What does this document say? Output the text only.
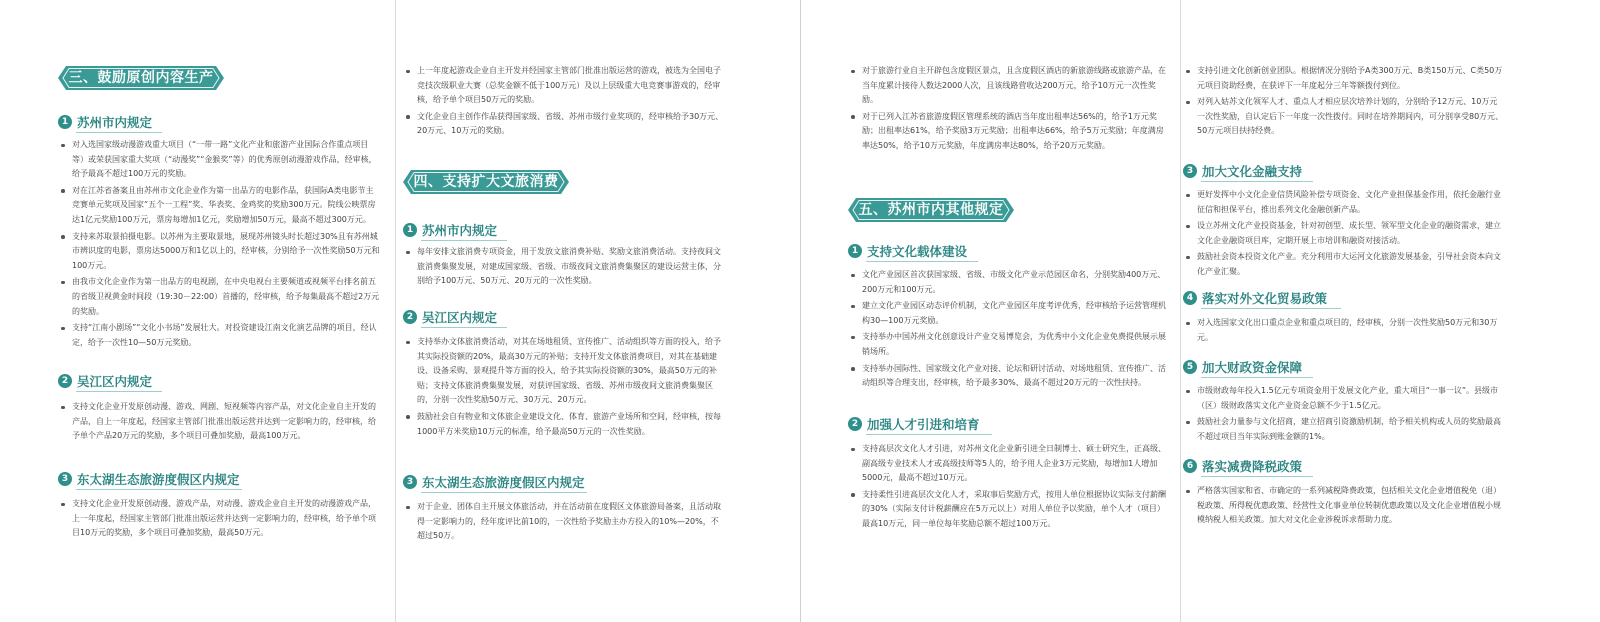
三、鼓励原创内容生产
1 苏州市内规定
对入选国家级动漫游戏重大项目（“一带一路”文化产业和旅游产业国际合作重点项目等）或荣获国家重大奖项（“动漫奖”“金猴奖”等）的优秀原创动漫游戏作品，经审核，给予最高不超过100万元的奖励。
对在江苏省备案且由苏州市文化企业作为第一出品方的电影作品，获国际A类电影节主竞赛单元奖项及国家“五个一工程”奖、华表奖、金鸡奖的奖励300万元。院线公映票房达1亿元奖励100万元，票房每增加1亿元，奖励增加50万元，最高不超过300万元。
支持来苏取景拍摄电影。以苏州为主要取景地，展现苏州镜头时长超过30%且有苏州城市辨识度的电影，票房达5000万和1亿以上的，经审核，分别给予一次性奖励50万元和100万元。
由我市文化企业作为第一出品方的电视剧，在中央电视台主要频道或视频平台排名前五的省级卫视黄金时间段（19:30－22:00）首播的，经审核，给予每集最高不超过2万元的奖励。
支持“江南小剧场”“文化小书场”发展壮大。对投资建设江南文化演艺品牌的项目，经认定，给予一次性10—50万元奖励。
2 吴江区内规定
支持文化企业开发原创动漫、游戏、网剧、短视频等内容产品，对文化企业自主开发的产品，自上一年度起，经国家主管部门批准出版运营并达到一定影响力的，经审核，给予单个产品20万元的奖励，多个项目可叠加奖励，最高100万元。
3 东太湖生态旅游度假区内规定
支持文化企业开发原创动漫、游戏产品，对动漫、游戏企业自主开发的动漫游戏产品，上一年度起，经国家主管部门批准出版运营并达到一定影响力的，经审核，给予单个项目10万元的奖励，多个项目可叠加奖励，最高50万元。
上一年度起游戏企业自主开发并经国家主管部门批准出版运营的游戏，被选为全国电子竞技次级职业大赛（总奖金额不低于100万元）及以上层级重大电竞赛事游戏的，经审核，给予单个项目50万元的奖励。
文化企业自主创作作品获得国家级、省级、苏州市级行业奖项的，经审核给予30万元、20万元、10万元的奖励。
四、支持扩大文旅消费
1 苏州市内规定
每年安排文旅消费专项资金，用于发放文旅消费补贴、奖励文旅消费活动。支持夜间文旅消费集聚发展，对建成国家级、省级、市级夜间文旅消费集聚区的建设运营主体，分别给予100万元、50万元、20万元的一次性奖励。
2 吴江区内规定
支持举办文体旅消费活动，对其在场地租赁、宣传推广、活动组织等方面的投入，给予其实际投资额的20%，最高30万元的补贴；支持开发文体旅消费项目，对其在基础建设、设备采购、景观提升等方面的投入，给予其实际投资额的30%，最高50万元的补贴；支持文体旅消费集聚发展，对获评国家级、省级、苏州市级夜间文旅消费集聚区的，分别一次性奖励50万元、30万元、20万元。
鼓励社会自有物业和文体旅企业建设文化、体育、旅游产业场所和空间，经审核，按每1000平方米奖励10万元的标准，给予最高50万元的一次性奖励。
3 东太湖生态旅游度假区内规定
对于企业、团体自主开展文体旅活动，并在活动前在度假区文体旅游局备案，且活动取得一定影响力的，经年度评比前10的，一次性给予奖励主办方投入的10%—20%，不超过50万。
对于旅游行业自主开辟包含度假区景点，且含度假区酒店的新旅游线路或旅游产品，在当年度累计接待人数达2000人次，且该线路营收达200万元，给予10万元一次性奖励。
对于已列入江苏省旅游度假区管理系统的酒店当年度出租率达56%的，给予1万元奖励；出租率达61%，给予奖励3万元奖励；出租率达66%，给予5万元奖励；年度满房率达50%，给予10万元奖励，年度满房率达80%，给予20万元奖励。
五、苏州市内其他规定
1 支持文化载体建设
文化产业园区首次获国家级、省级、市级文化产业示范园区命名，分别奖励400万元、200万元和100万元。
建立文化产业园区动态评价机制，文化产业园区年度考评优秀，经审核给予运营管理机构30—100万元奖励。
支持举办中国苏州文化创意设计产业交易博览会，为优秀中小文化企业免费提供展示展销场所。
支持举办国际性、国家级文化产业对接、论坛和研讨活动、对场地租赁、宣传推广、活动组织等合理支出，经审核，给予最多30%、最高不超过20万元的一次性扶持。
2 加强人才引进和培育
支持高层次文化人才引进，对苏州文化企业新引进全日制博士、硕士研究生，正高级、副高级专业技术人才或高级技师等5人的，给予用人企业3万元奖励，每增加1人增加5000元，最高不超过10万元。
支持柔性引进高层次文化人才，采取事后奖励方式，按用人单位根据协议实际支付薪酬的30%（实际支付计税薪酬应在5万元以上）对用人单位予以奖励，单个人才（项目）最高10万元，同一单位每年奖励总额不超过100万元。
支持引进文化创新创业团队。根据情况分别给予A类300万元、B类150万元、C类50万元项目资助经费，在获评下一年度起分三年等额拨付到位。
对列入姑苏文化领军人才、重点人才相应层次培养计划的，分别给予12万元、10万元一次性奖励，自认定后下一年度一次性拨付。同时在培养期间内，可分别享受80万元、50万元项目扶持经费。
3 加大文化金融支持
更好发挥中小文化企业信贷风险补偿专项资金、文化产业担保基金作用，依托金融行业征信和担保平台，推出系列文化金融创新产品。
设立苏州文化产业投资基金，针对初创型、成长型、领军型文化企业的融资需求，建立文化企业融资项目库，定期开展上市培训和融资对接活动。
鼓励社会资本投资文化产业。充分利用市大运河文化旅游发展基金，引导社会资本向文化产业汇聚。
4 落实对外文化贸易政策
对入选国家文化出口重点企业和重点项目的，经审核，分别一次性奖励50万元和30万元。
5 加大财政资金保障
市级财政每年投入1.5亿元专项资金用于发展文化产业，重大项目“一事一议”。县级市（区）级财政落实文化产业资金总额不少于1.5亿元。
鼓励社会力量参与文化招商，建立招商引资激励机制，给予相关机构或人员的奖励最高不超过项目当年实际到账金额的1%。
6 落实减费降税政策
严格落实国家和省、市确定的一系列减税降费政策，包括相关文化企业增值税免（退）税政策、所得税优惠政策、经营性文化事业单位转制优惠政策以及文化企业增值税小规模纳税人相关政策。加大对文化企业涉税诉求帮助力度。
